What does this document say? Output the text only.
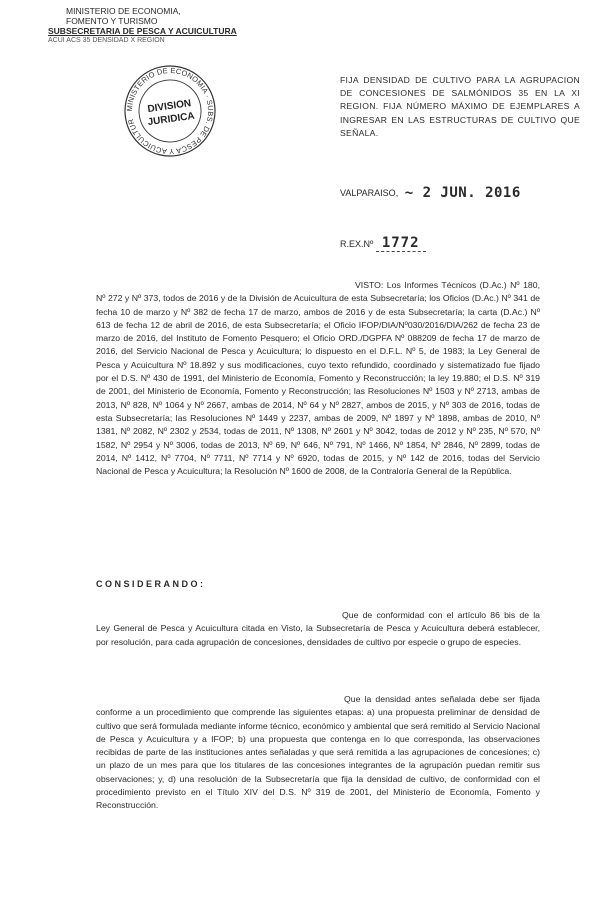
MINISTERIO DE ECONOMIA,
FOMENTO Y TURISMO
SUBSECRETARIA DE PESCA Y ACUICULTURA
ACUI ACS 35 DENSIDAD X REGION
MINISTERIO DE ECONOMIA · SUBS. DE PESCA Y ACUICULTURA
DIVISION
JURIDICA
FIJA DENSIDAD DE CULTIVO PARA LA AGRUPACION DE CONCESIONES DE SALMÓNIDOS 35 EN LA XI REGION. FIJA NÚMERO MÁXIMO DE EJEMPLARES A INGRESAR EN LAS ESTRUCTURAS DE CULTIVO QUE SEÑALA.
VALPARAISO, ~ 2 JUN. 2016
R.EX.Nº 1772
VISTO: Los Informes Técnicos (D.Ac.) Nº 180, Nº 272 y Nº 373, todos de 2016 y de la División de Acuicultura de esta Subsecretaría; los Oficios (D.Ac.) Nº 341 de fecha 10 de marzo y Nº 382 de fecha 17 de marzo, ambos de 2016 y de esta Subsecretaría; la carta (D.Ac.) Nº 613 de fecha 12 de abril de 2016, de esta Subsecretaría; el Oficio IFOP/DIA/Nº030/2016/DIA/262 de fecha 23 de marzo de 2016, del Instituto de Fomento Pesquero; el Oficio ORD./DGPFA Nº 088209 de fecha 17 de marzo de 2016, del Servicio Nacional de Pesca y Acuicultura; lo dispuesto en el D.F.L. Nº 5, de 1983; la Ley General de Pesca y Acuicultura Nº 18.892 y sus modificaciones, cuyo texto refundido, coordinado y sistematizado fue fijado por el D.S. Nº 430 de 1991, del Ministerio de Economía, Fomento y Reconstrucción; la ley 19.880; el D.S. Nº 319 de 2001, del Ministerio de Economía, Fomento y Reconstrucción; las Resoluciones Nº 1503 y Nº 2713, ambas de 2013, Nº 828, Nº 1064 y Nº 2667, ambas de 2014, Nº 64 y Nº 2827, ambos de 2015, y Nº 303 de 2016, todas de esta Subsecretaría; las Resoluciones Nº 1449 y 2237, ambas de 2009, Nº 1897 y Nº 1898, ambas de 2010, Nº 1381, Nº 2082, Nº 2302 y 2534, todas de 2011, Nº 1308, Nº 2601 y Nº 3042, todas de 2012 y Nº 235, Nº 570, Nº 1582, Nº 2954 y Nº 3006, todas de 2013, Nº 69, Nº 646, Nº 791, Nº 1466, Nº 1854, Nº 2846, Nº 2899, todas de 2014, Nº 1412, Nº 7704, Nº 7711, Nº 7714 y Nº 6920, todas de 2015, y Nº 142 de 2016, todas del Servicio Nacional de Pesca y Acuicultura; la Resolución Nº 1600 de 2008, de la Contraloría General de la República.
CONSIDERANDO:
Que de conformidad con el artículo 86 bis de la Ley General de Pesca y Acuicultura citada en Visto, la Subsecretaría de Pesca y Acuicultura deberá establecer, por resolución, para cada agrupación de concesiones, densidades de cultivo por especie o grupo de especies.
Que la densidad antes señalada debe ser fijada conforme a un procedimiento que comprende las siguientes etapas: a) una propuesta preliminar de densidad de cultivo que será formulada mediante informe técnico, económico y ambiental que será remitido al Servicio Nacional de Pesca y Acuicultura y a IFOP; b) una propuesta que contenga en lo que corresponda, las observaciones recibidas de parte de las instituciones antes señaladas y que será remitida a las agrupaciones de concesiones; c) un plazo de un mes para que los titulares de las concesiones integrantes de la agrupación puedan remitir sus observaciones; y, d) una resolución de la Subsecretaría que fija la densidad de cultivo, de conformidad con el procedimiento previsto en el Título XIV del D.S. Nº 319 de 2001, del Ministerio de Economía, Fomento y Reconstrucción.
